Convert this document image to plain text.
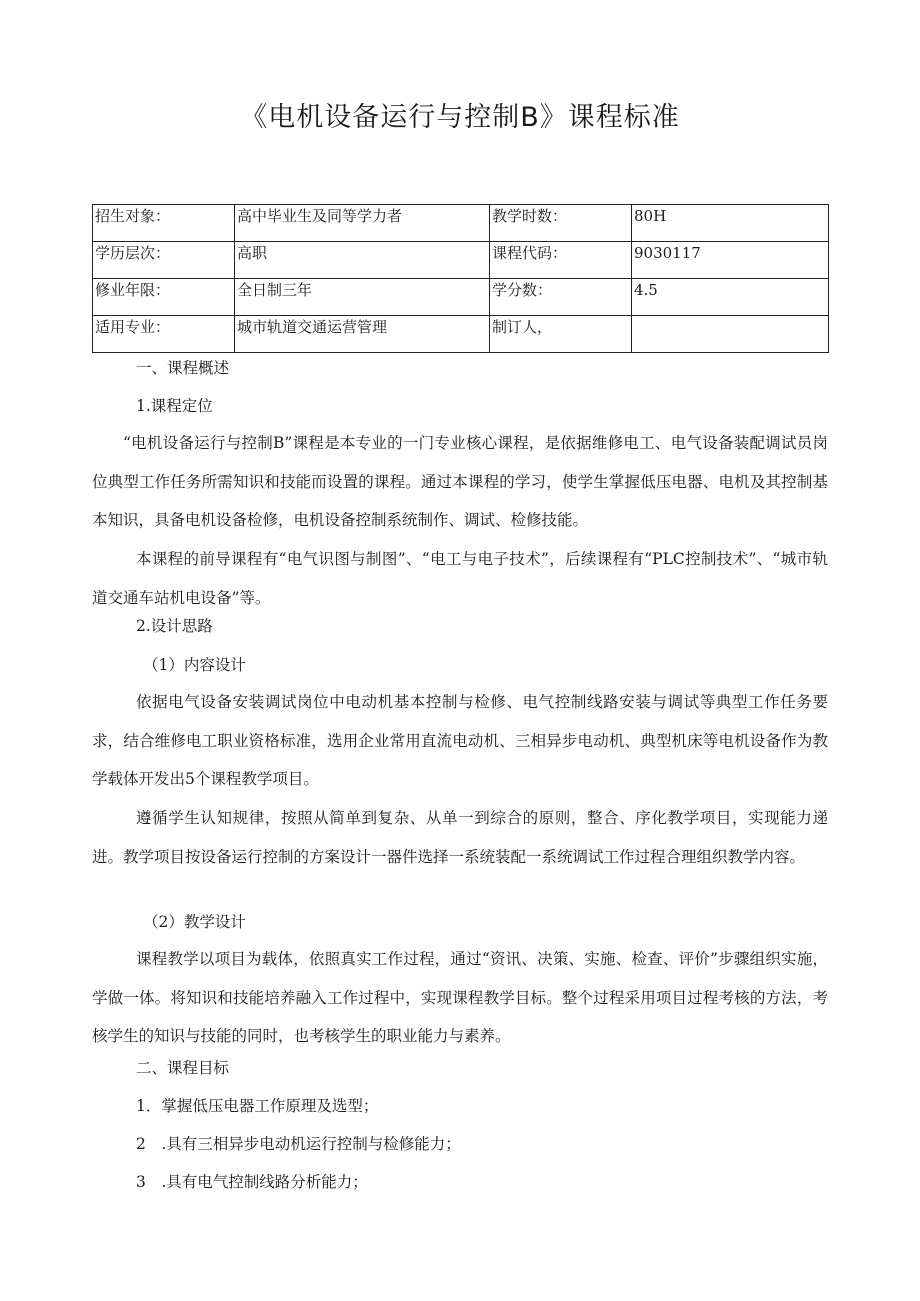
《电机设备运行与控制B》课程标准
招生对象：	高中毕业生及同等学力者	教学时数：	80H
学历层次：	高职	课程代码：	9030117
修业年限：	全日制三年	学分数：	4.5
适用专业：	城市轨道交通运营管理	制订人，	
一、课程概述
1.课程定位
“电机设备运行与控制B”课程是本专业的一门专业核心课程，是依据维修电工、电气设备装配调试员岗位典型工作任务所需知识和技能而设置的课程。通过本课程的学习，使学生掌握低压电器、电机及其控制基本知识，具备电机设备检修，电机设备控制系统制作、调试、检修技能。
本课程的前导课程有“电气识图与制图”、“电工与电子技术”，后续课程有“PLC控制技术”、“城市轨道交通车站机电设备”等。
2.设计思路
（1）内容设计
依据电气设备安装调试岗位中电动机基本控制与检修、电气控制线路安装与调试等典型工作任务要求，结合维修电工职业资格标准，选用企业常用直流电动机、三相异步电动机、典型机床等电机设备作为教学载体开发出5个课程教学项目。
遵循学生认知规律，按照从简单到复杂、从单一到综合的原则，整合、序化教学项目，实现能力递进。教学项目按设备运行控制的方案设计一器件选择一系统装配一系统调试工作过程合理组织教学内容。
（2）教学设计
课程教学以项目为载体，依照真实工作过程，通过“资讯、决策、实施、检查、评价”步骤组织实施，学做一体。将知识和技能培养融入工作过程中，实现课程教学目标。整个过程采用项目过程考核的方法，考核学生的知识与技能的同时，也考核学生的职业能力与素养。
二、课程目标
1．掌握低压电器工作原理及选型；
2　.具有三相异步电动机运行控制与检修能力；
3　.具有电气控制线路分析能力；
